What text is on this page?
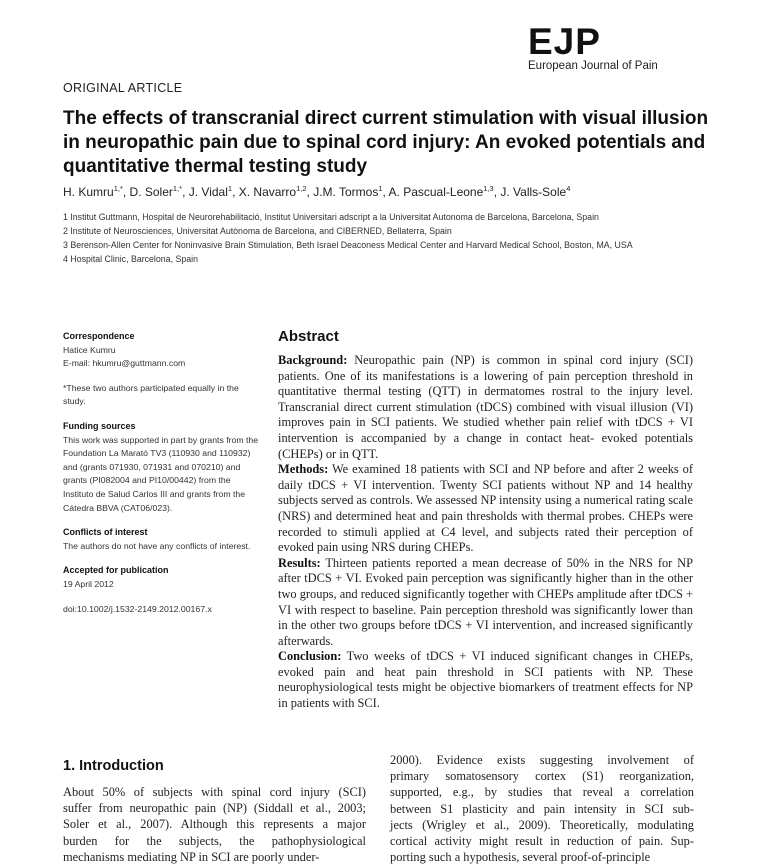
EJP
European Journal of Pain
ORIGINAL ARTICLE
The effects of transcranial direct current stimulation with visual illusion in neuropathic pain due to spinal cord injury: An evoked potentials and quantitative thermal testing study
H. Kumru$^{1,*}$, D. Soler$^{1,*}$, J. Vidal$^1$, X. Navarro$^{1,2}$, J.M. Tormos$^1$, A. Pascual-Leone$^{1,3}$, J. Valls-Sole$^4$
1 Institut Guttmann, Hospital de Neurorehabilitació, Institut Universitari adscript a la Universitat Autonoma de Barcelona, Barcelona, Spain
2 Institute of Neurosciences, Universitat Autònoma de Barcelona, and CIBERNED, Bellaterra, Spain
3 Berenson-Allen Center for Noninvasive Brain Stimulation, Beth Israel Deaconess Medical Center and Harvard Medical School, Boston, MA, USA
4 Hospital Clinic, Barcelona, Spain
Correspondence
Hatice Kumru
E-mail: hkumru@guttmann.com
*These two authors participated equally in the study.
Funding sources
This work was supported in part by grants from the Foundation La Marató TV3 (110930 and 110932) and (grants 071930, 071931 and 070210) and grants (PI082004 and PI10/00442) from the Instituto de Salud Carlos III and grants from the Cátedra BBVA (CAT06/023).
Conflicts of interest
The authors do not have any conflicts of interest.
Accepted for publication
19 April 2012
doi:10.1002/j.1532-2149.2012.00167.x
Abstract

Background: Neuropathic pain (NP) is common in spinal cord injury (SCI) patients. One of its manifestations is a lowering of pain perception threshold in quantitative thermal testing (QTT) in dermatomes rostral to the injury level. Transcranial direct current stimulation (tDCS) combined with visual illusion (VI) improves pain in SCI patients. We studied whether pain relief with tDCS + VI intervention is accompanied by a change in contact heat- evoked potentials (CHEPs) or in QTT.

Methods: We examined 18 patients with SCI and NP before and after 2 weeks of daily tDCS + VI intervention. Twenty SCI patients without NP and 14 healthy subjects served as controls. We assessed NP intensity using a numerical rating scale (NRS) and determined heat and pain thresholds with thermal probes. CHEPs were recorded to stimuli applied at C4 level, and subjects rated their perception of evoked pain using NRS during CHEPs.

Results: Thirteen patients reported a mean decrease of 50% in the NRS for NP after tDCS + VI. Evoked pain perception was significantly higher than in the other two groups, and reduced significantly together with CHEPs amplitude after tDCS + VI with respect to baseline. Pain perception threshold was significantly lower than in the other two groups before tDCS + VI intervention, and increased significantly afterwards.

Conclusion: Two weeks of tDCS + VI induced significant changes in CHEPs, evoked pain and heat pain threshold in SCI patients with NP. These neurophysiological tests might be objective biomarkers of treatment effects for NP in patients with SCI.

1. Introduction
About 50% of subjects with spinal cord injury (SCI)
suffer from neuropathic pain (NP) (Siddall et al., 2003;
Soler et al., 2007). Although this represents a major
burden for the subjects, the pathophysiological
mechanisms mediating NP in SCI are poorly under-
2000). Evidence exists suggesting involvement of
primary somatosensory cortex (S1) reorganization,
supported, e.g., by studies that reveal a correlation
between S1 plasticity and pain intensity in SCI sub-
jects (Wrigley et al., 2009). Theoretically, modulating
cortical activity might result in reduction of pain. Sup-
porting such a hypothesis, several proof-of-principle
